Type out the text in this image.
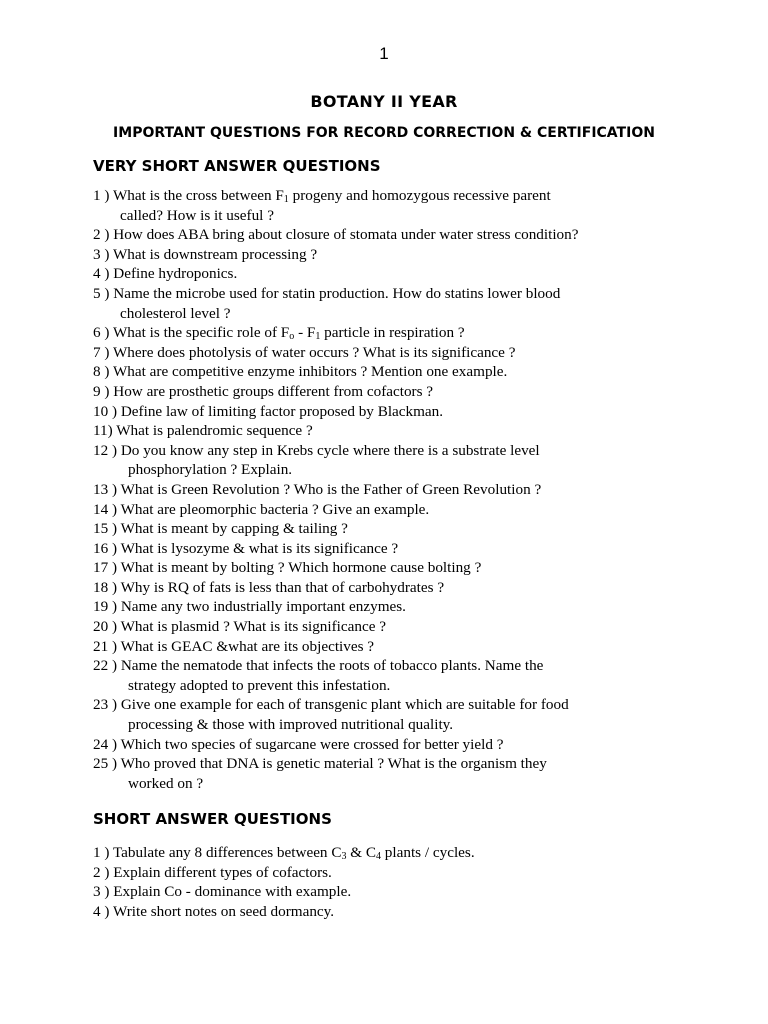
1
BOTANY II YEAR
IMPORTANT QUESTIONS FOR RECORD CORRECTION & CERTIFICATION
VERY SHORT ANSWER QUESTIONS
1 ) What is the cross between $F_1$ progeny and homozygous recessive parent
called? How is it useful ?
2 ) How does ABA bring about closure of stomata under water stress condition?
3 ) What is downstream processing ?
4 ) Define hydroponics.
5 ) Name the microbe used for statin production. How do statins lower blood
cholesterol level ?
6 ) What is the specific role of $F_o - F_1$ particle in respiration ?
7 ) Where does photolysis of water occurs ? What is its significance ?
8 ) What are competitive enzyme inhibitors ? Mention one example.
9 ) How are prosthetic groups different from cofactors ?
10 ) Define law of limiting factor proposed by Blackman.
11) What is palendromic sequence ?
12 ) Do you know any step in Krebs cycle where there is a substrate level
phosphorylation ? Explain.
13 ) What is Green Revolution ? Who is the Father of Green Revolution ?
14 ) What are pleomorphic bacteria ? Give an example.
15 ) What is meant by capping & tailing ?
16 ) What is lysozyme & what is its significance ?
17 ) What is meant by bolting ? Which hormone cause bolting ?
18 ) Why is RQ of fats is less than that of carbohydrates ?
19 ) Name any two industrially important enzymes.
20 ) What is plasmid ? What is its significance ?
21 ) What is GEAC &what are its objectives ?
22 ) Name the nematode that infects the roots of tobacco plants. Name the
strategy adopted to prevent this infestation.
23 ) Give one example for each of transgenic plant which are suitable for food
processing & those with improved nutritional quality.
24 ) Which two species of sugarcane were crossed for better yield ?
25 ) Who proved that DNA is genetic material ? What is the organism they
worked on ?
SHORT ANSWER QUESTIONS
1 ) Tabulate any 8 differences between $C_3$ & $C_4$ plants / cycles.
2 ) Explain different types of cofactors.
3 ) Explain Co - dominance with example.
4 ) Write short notes on seed dormancy.
